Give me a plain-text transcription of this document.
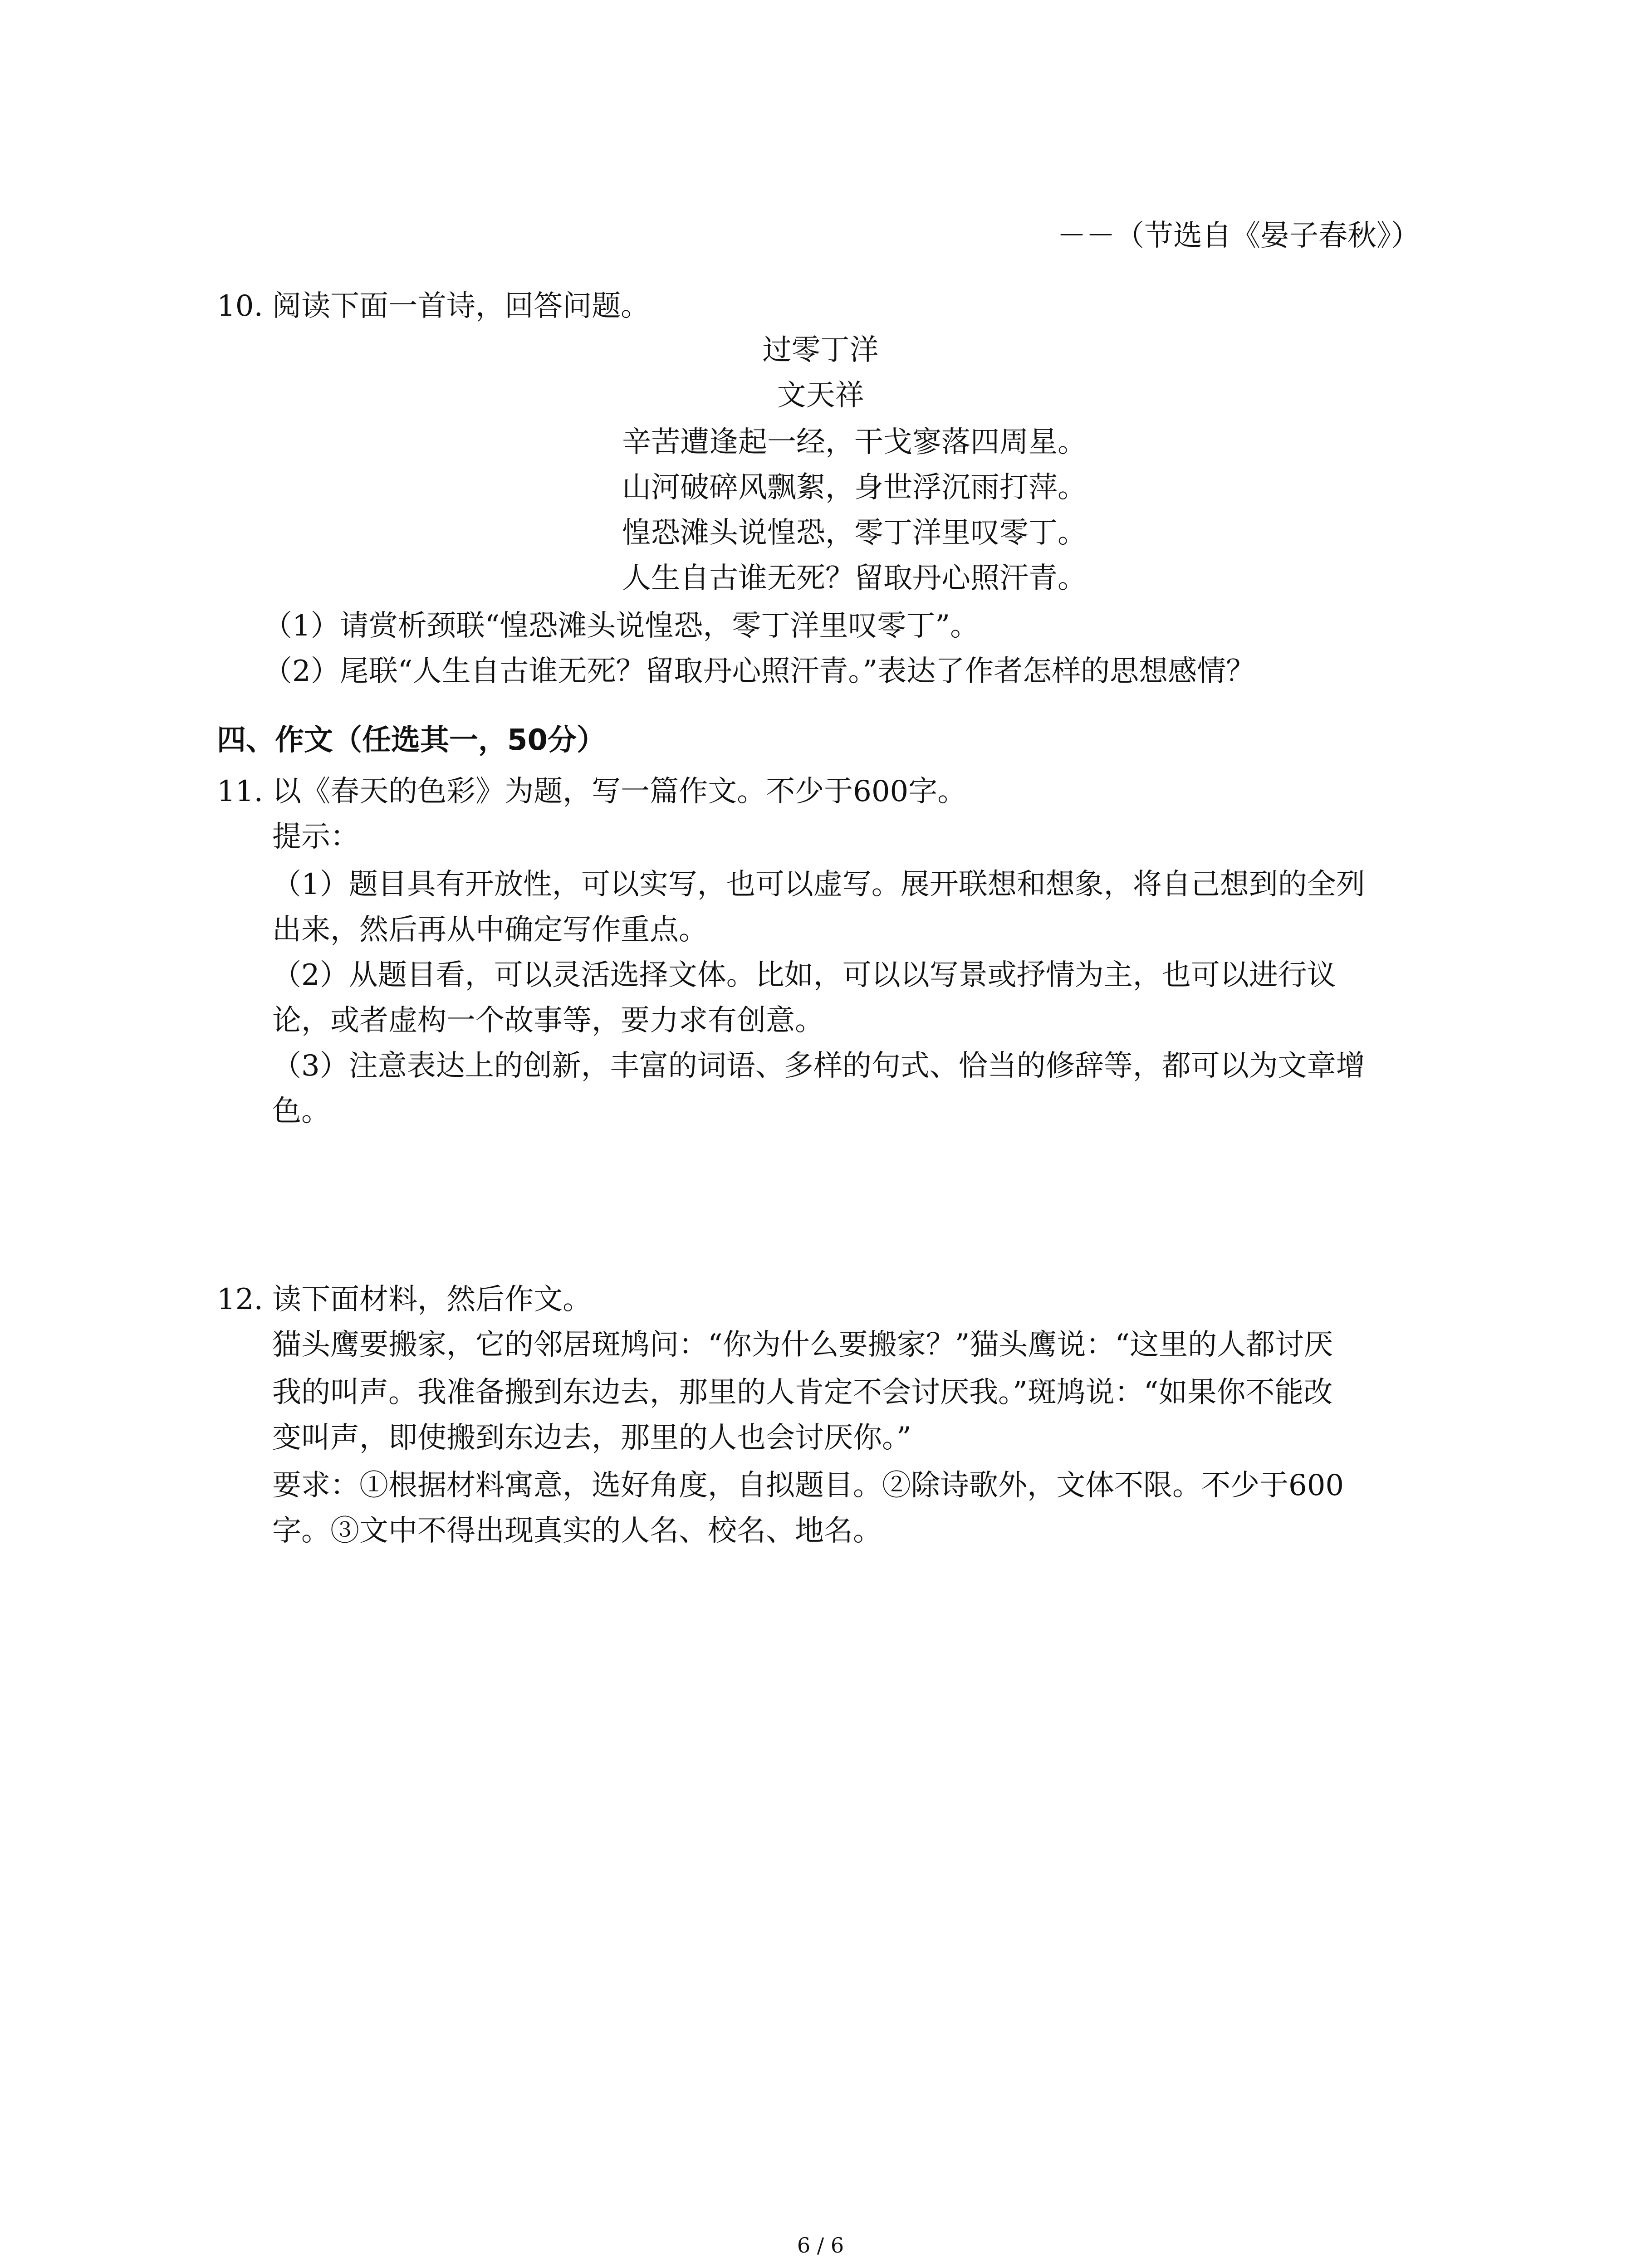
－－（节选自《晏子春秋》）
10. 阅读下面一首诗，回答问题。
过零丁洋
文天祥
辛苦遭逢起一经，干戈寥落四周星。
山河破碎风飘絮，身世浮沉雨打萍。
惶恐滩头说惶恐，零丁洋里叹零丁。
人生自古谁无死？留取丹心照汗青。
（1）请赏析颈联“惶恐滩头说惶恐，零丁洋里叹零丁”。
（2）尾联“人生自古谁无死？留取丹心照汗青。”表达了作者怎样的思想感情？
四、作文（任选其一，50分）
11. 以《春天的色彩》为题，写一篇作文。不少于600字。
提示：
（1）题目具有开放性，可以实写，也可以虚写。展开联想和想象，将自己想到的全列
出来，然后再从中确定写作重点。
（2）从题目看，可以灵活选择文体。比如，可以以写景或抒情为主，也可以进行议
论，或者虚构一个故事等，要力求有创意。
（3）注意表达上的创新，丰富的词语、多样的句式、恰当的修辞等，都可以为文章增
色。
12. 读下面材料，然后作文。
猫头鹰要搬家，它的邻居斑鸠问：“你为什么要搬家？”猫头鹰说：“这里的人都讨厌
我的叫声。我准备搬到东边去，那里的人肯定不会讨厌我。”斑鸠说：“如果你不能改
变叫声，即使搬到东边去，那里的人也会讨厌你。”
要求：①根据材料寓意，选好角度，自拟题目。②除诗歌外，文体不限。不少于600
字。③文中不得出现真实的人名、校名、地名。
6 / 6
